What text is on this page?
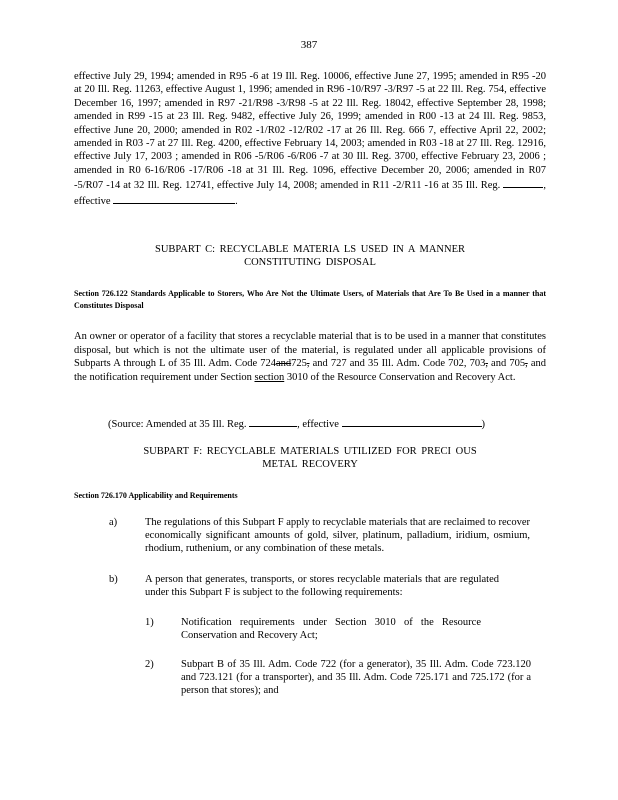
387
effective July 29, 1994; amended in R95 -6 at 19 Ill. Reg. 10006, effective June 27, 1995; amended in R95 -20 at 20 Ill. Reg. 11263, effective August 1, 1996; amended in R96 -10/R97 -3/R97 -5 at 22 Ill. Reg. 754, effective December 16, 1997; amended in R97 -21/R98 -3/R98 -5 at 22 Ill. Reg. 18042, effective September 28, 1998; amended in R99 -15 at 23 Ill. Reg. 9482, effective July 26, 1999; amended in R00 -13 at 24 Ill. Reg. 9853, effective June 20, 2000; amended in R02 -1/R02 -12/R02 -17 at 26 Ill. Reg. 666 7, effective April 22, 2002; amended in R03 -7 at 27 Ill. Reg. 4200, effective February 14, 2003; amended in R03 -18 at 27 Ill. Reg. 12916, effective July 17, 2003 ; amended in R06 -5/R06 -6/R06 -7 at 30 Ill. Reg. 3700, effective February 23, 2006 ; amended in R0 6-16/R06 -17/R06 -18 at 31 Ill. Reg. 1096, effective December 20, 2006; amended in R07 -5/R07 -14 at 32 Ill. Reg. 12741, effective July 14, 2008; amended in R11 -2/R11 -16 at 35 Ill. Reg.	, effective	.
SUBPART C: RECYCLABLE MATERIA LS USED IN A MANNER
CONSTITUTING DISPOSAL
Section 726.122 Standards Applicable to Storers, Who Are Not the Ultimate Users, of Materials that Are To Be Used in a manner that Constitutes Disposal
An owner or operator of a facility that stores a recyclable material that is to be used in a manner that constitutes disposal, but which is not the ultimate user of the material, is regulated under all applicable provisions of Subparts A through L of 35 Ill. Adm. Code 724and725, and 727 and 35 Ill. Adm. Code 702, 703, and 705, and the notification requirement under Section section 3010 of the Resource Conservation and Recovery Act.
(Source: Amended at 35 Ill. Reg.	, effective	)
SUBPART F: RECYCLABLE MATERIALS UTILIZED FOR PRECI OUS
METAL RECOVERY
Section 726.170 Applicability and Requirements
a)	The regulations of this Subpart F apply to recyclable materials that are reclaimed to recover economically significant amounts of gold, silver, platinum, palladium, iridium, osmium, rhodium, ruthenium, or any combination of these metals.
b)	A person that generates, transports, or stores recyclable materials that are regulated under this Subpart F is subject to the following requirements:
1)	Notification requirements under Section 3010 of the Resource Conservation and Recovery Act;
2)	Subpart B of 35 Ill. Adm. Code 722 (for a generator), 35 Ill. Adm. Code 723.120 and 723.121 (for a transporter), and 35 Ill. Adm. Code 725.171 and 725.172 (for a person that stores); and
